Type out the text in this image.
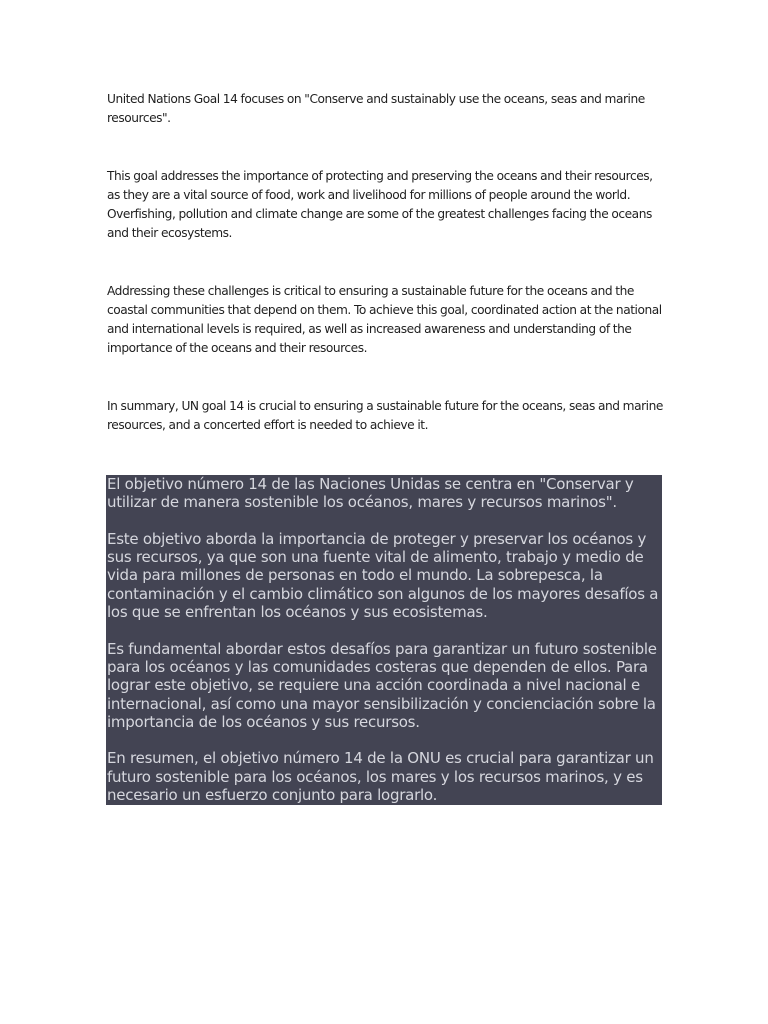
United Nations Goal 14 focuses on "Conserve and sustainably use the oceans, seas and marine resources".

This goal addresses the importance of protecting and preserving the oceans and their resources, as they are a vital source of food, work and livelihood for millions of people around the world. Overfishing, pollution and climate change are some of the greatest challenges facing the oceans and their ecosystems.

Addressing these challenges is critical to ensuring a sustainable future for the oceans and the coastal communities that depend on them. To achieve this goal, coordinated action at the national and international levels is required, as well as increased awareness and understanding of the importance of the oceans and their resources.

In summary, UN goal 14 is crucial to ensuring a sustainable future for the oceans, seas and marine resources, and a concerted effort is needed to achieve it.

El objetivo número 14 de las Naciones Unidas se centra en "Conservar y utilizar de manera sostenible los océanos, mares y recursos marinos".

Este objetivo aborda la importancia de proteger y preservar los océanos y sus recursos, ya que son una fuente vital de alimento, trabajo y medio de vida para millones de personas en todo el mundo. La sobrepesca, la contaminación y el cambio climático son algunos de los mayores desafíos a los que se enfrentan los océanos y sus ecosistemas.

Es fundamental abordar estos desafíos para garantizar un futuro sostenible para los océanos y las comunidades costeras que dependen de ellos. Para lograr este objetivo, se requiere una acción coordinada a nivel nacional e internacional, así como una mayor sensibilización y concienciación sobre la importancia de los océanos y sus recursos.

En resumen, el objetivo número 14 de la ONU es crucial para garantizar un futuro sostenible para los océanos, los mares y los recursos marinos, y es necesario un esfuerzo conjunto para lograrlo.
